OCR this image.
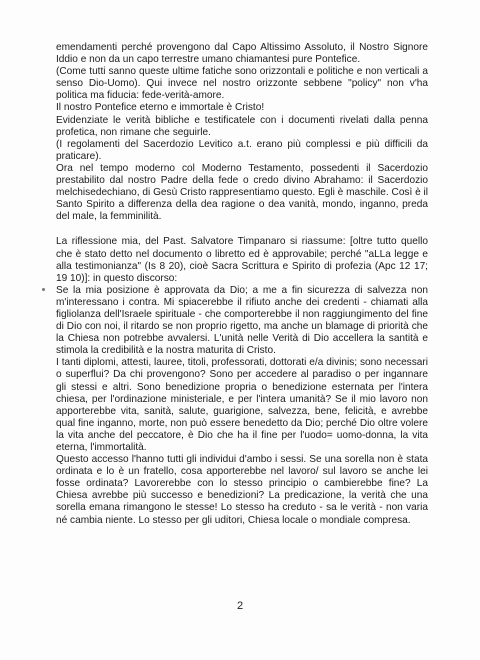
emendamenti perché provengono dal Capo Altissimo Assoluto, il Nostro Signore Iddio e non da un capo terrestre umano chiamantesi pure Pontefice.

(Come tutti sanno queste ultime fatiche sono orizzontali e politiche e non verticali a senso Dio-Uomo). Qui invece nel nostro orizzonte sebbene "policy" non v'ha politica ma fiducia: fede-verità-amore.

Il nostro Pontefice eterno e immortale è Cristo!

Evidenziate le verità bibliche e testificatele con i documenti rivelati dalla penna profetica, non rimane che seguirle.

(I regolamenti del Sacerdozio Levitico a.t. erano più complessi e più difficili da praticare).

Ora nel tempo moderno col Moderno Testamento, possedenti il Sacerdozio prestabilito dal nostro Padre della fede o credo divino Abrahamo: il Sacerdozio melchisedechiano, di Gesù Cristo rappresentiamo questo. Egli è maschile. Così è il Santo Spirito a differenza della dea ragione o dea vanità, mondo, inganno, preda del male, la femminilità.

La riflessione mia, del Past. Salvatore Timpanaro si riassume: [oltre tutto quello che è stato detto nel documento o libretto ed è approvabile; perché "aLLa legge e alla testimonianza" (Is 8 20), cioè Sacra Scrittura e Spirito di profezia (Apc 12 17; 19 10)]: in questo discorso:

Se la mia posizione è approvata da Dio; a me a fin sicurezza di salvezza non m'interessano i contra. Mi spiacerebbe il rifiuto anche dei credenti - chiamati alla figliolanza dell'Israele spirituale - che comporterebbe il non raggiungimento del fine di Dio con noi, il ritardo se non proprio rigetto, ma anche un blamage di priorità che la Chiesa non potrebbe avvalersi. L'unità nelle Verità di Dio accellera la santità e stimola la credibilità e la nostra maturita di Cristo.

I tanti diplomi, attesti, lauree, titoli, professorati, dottorati e/a divinis; sono necessari o superflui? Da chi provengono? Sono per accedere al paradiso o per ingannare gli stessi e altri. Sono benedizione propria o benedizione esternata per l'intera chiesa, per l'ordinazione ministeriale, e per l'intera umanità? Se il mio lavoro non apporterebbe vita, sanità, salute, guarigione, salvezza, bene, felicità, e avrebbe qual fine inganno, morte, non può essere benedetto da Dio; perché Dio oltre volere la vita anche del peccatore, è Dio che ha il fine per l'uodo= uomo-donna, la vita eterna, l'immortalità.

Questo accesso l'hanno tutti gli individui d'ambo i sessi. Se una sorella non è stata ordinata e lo è un fratello, cosa apporterebbe nel lavoro/ sul lavoro se anche lei fosse ordinata? Lavorerebbe con lo stesso principio o cambierebbe fine? La Chiesa avrebbe più successo e benedizioni? La predicazione, la verità che una sorella emana rimangono le stesse! Lo stesso ha creduto - sa le verità - non varia né cambia niente. Lo stesso per gli uditori, Chiesa locale o mondiale compresa.

2
